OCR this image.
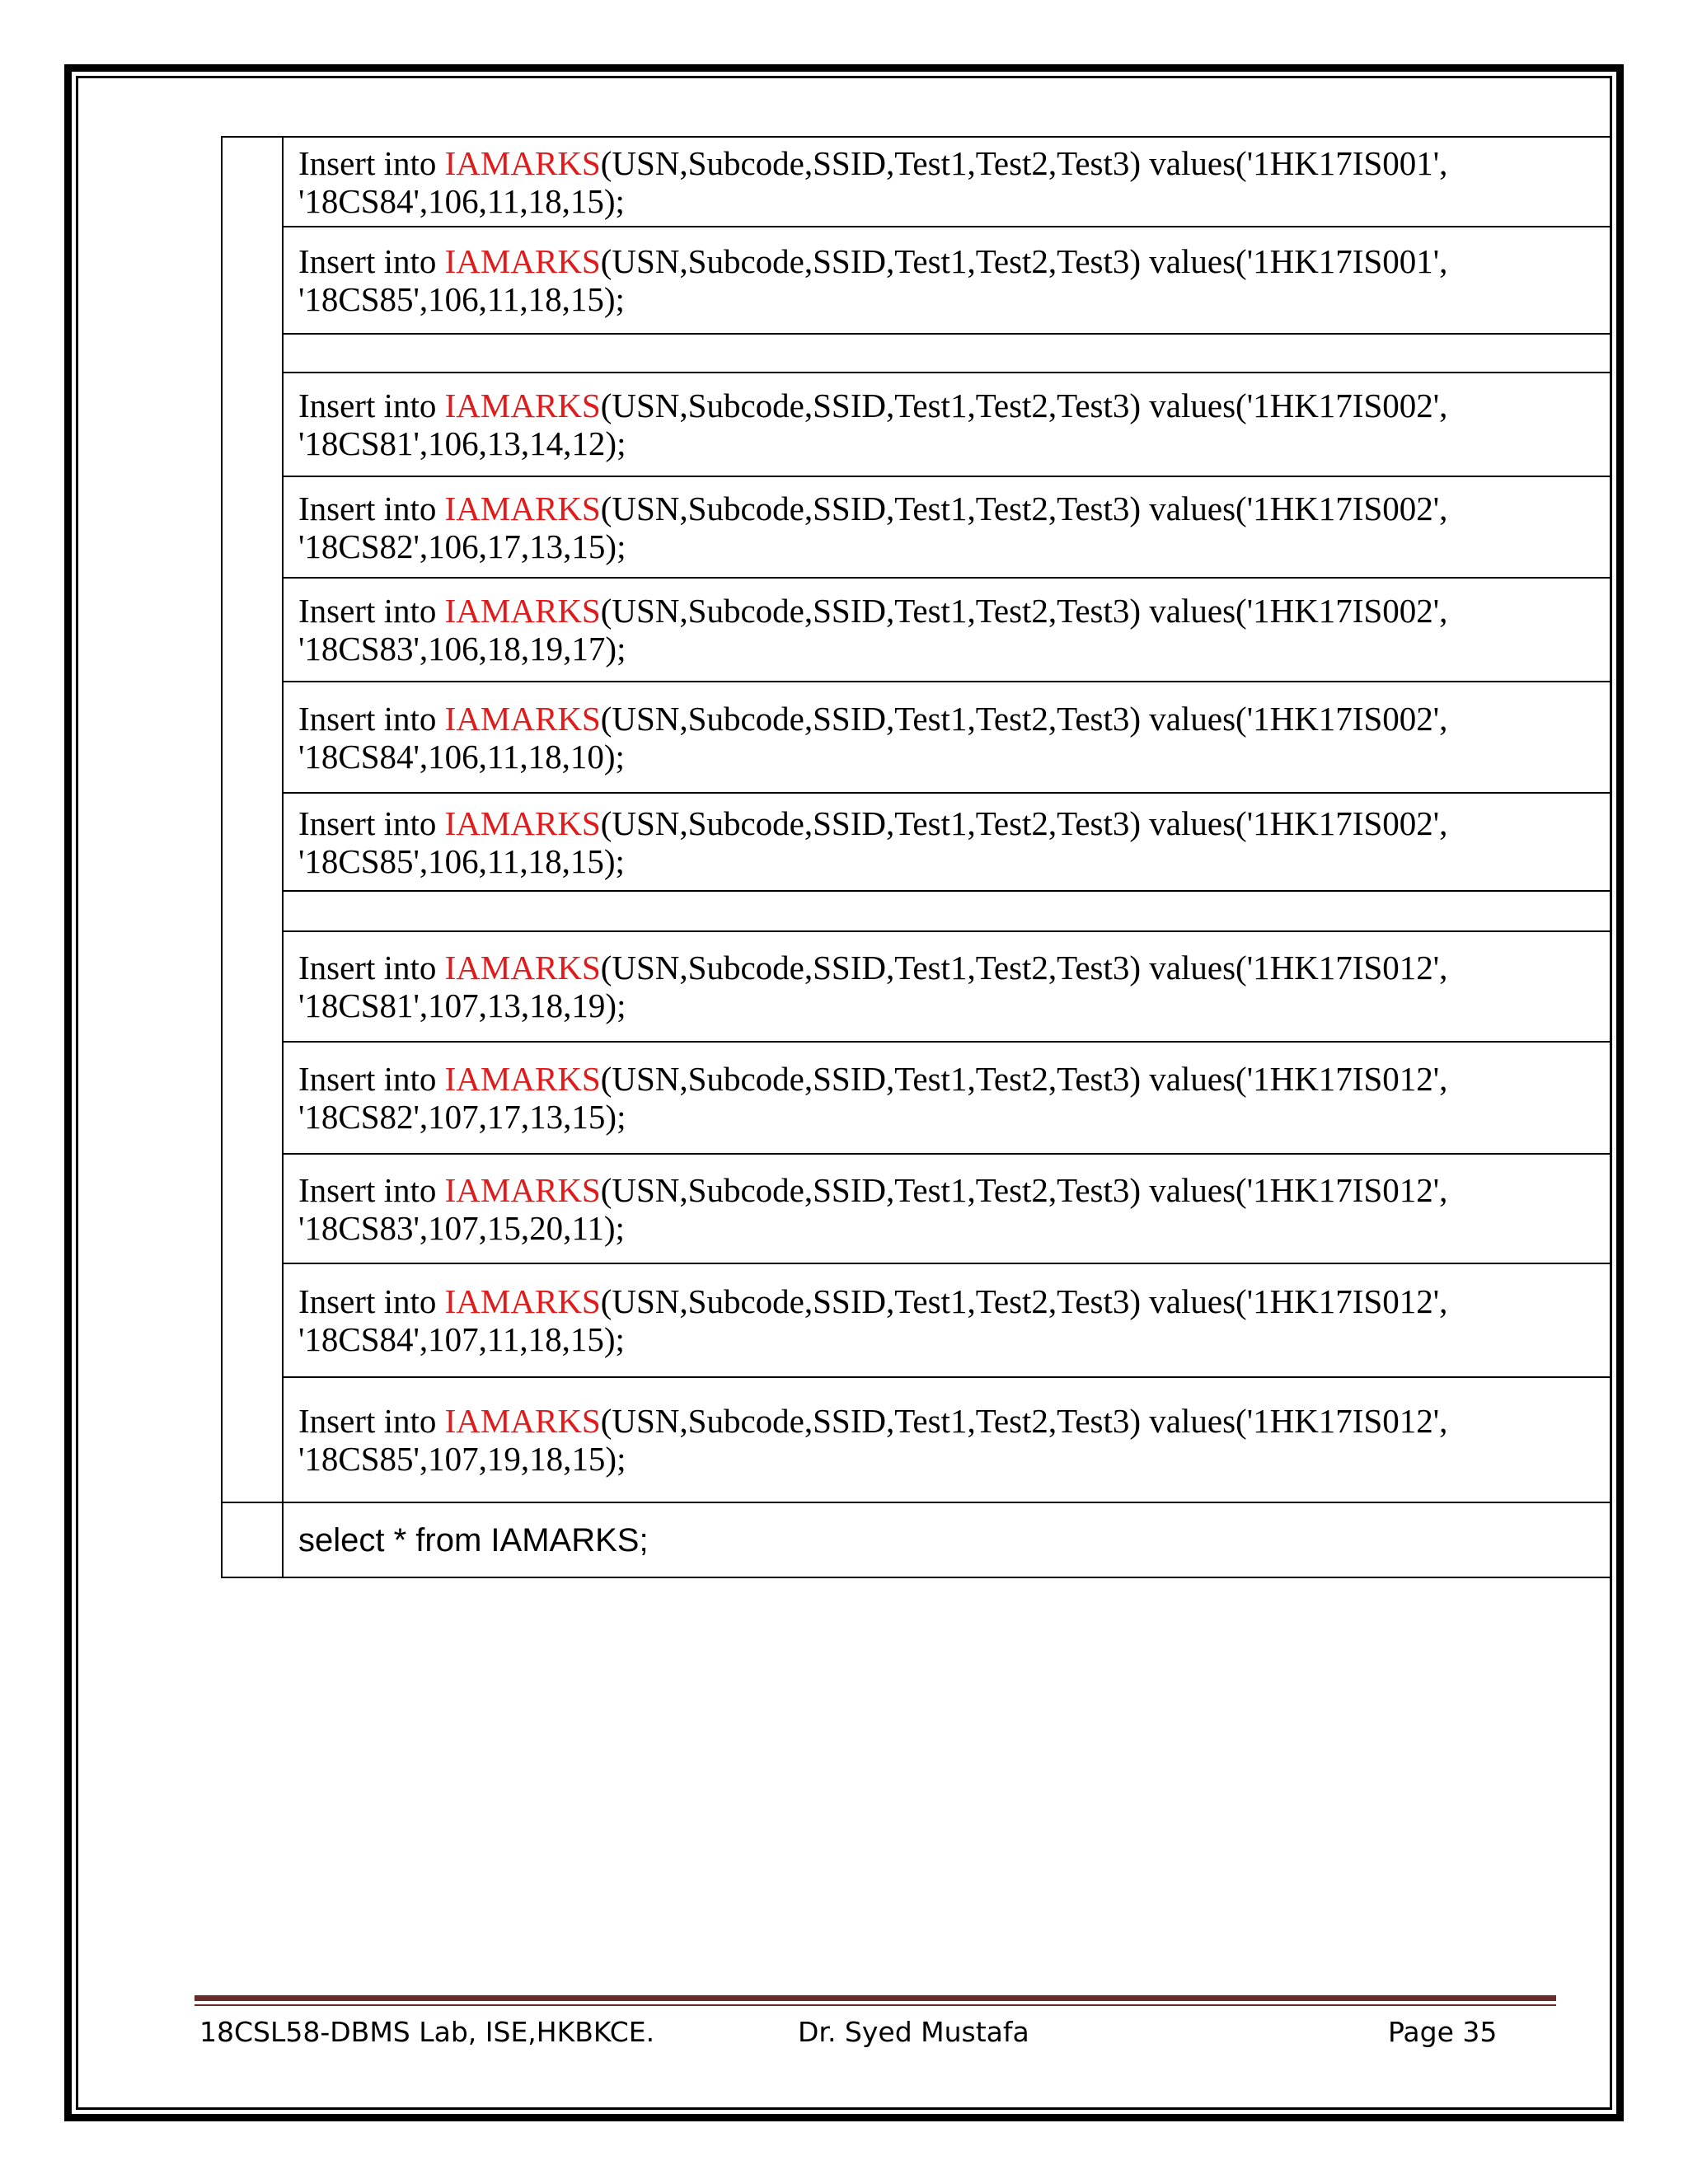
	Insert into IAMARKS(USN,Subcode,SSID,Test1,Test2,Test3) values('1HK17IS001',
'18CS84',106,11,18,15);

	Insert into IAMARKS(USN,Subcode,SSID,Test1,Test2,Test3) values('1HK17IS001',
'18CS85',106,11,18,15);

	Insert into IAMARKS(USN,Subcode,SSID,Test1,Test2,Test3) values('1HK17IS002',
'18CS81',106,13,14,12);

	Insert into IAMARKS(USN,Subcode,SSID,Test1,Test2,Test3) values('1HK17IS002',
'18CS82',106,17,13,15);

	Insert into IAMARKS(USN,Subcode,SSID,Test1,Test2,Test3) values('1HK17IS002',
'18CS83',106,18,19,17);

	Insert into IAMARKS(USN,Subcode,SSID,Test1,Test2,Test3) values('1HK17IS002',
'18CS84',106,11,18,10);

	Insert into IAMARKS(USN,Subcode,SSID,Test1,Test2,Test3) values('1HK17IS002',
'18CS85',106,11,18,15);

	Insert into IAMARKS(USN,Subcode,SSID,Test1,Test2,Test3) values('1HK17IS012',
'18CS81',107,13,18,19);

	Insert into IAMARKS(USN,Subcode,SSID,Test1,Test2,Test3) values('1HK17IS012',
'18CS82',107,17,13,15);

	Insert into IAMARKS(USN,Subcode,SSID,Test1,Test2,Test3) values('1HK17IS012',
'18CS83',107,15,20,11);

	Insert into IAMARKS(USN,Subcode,SSID,Test1,Test2,Test3) values('1HK17IS012',
'18CS84',107,11,18,15);

	Insert into IAMARKS(USN,Subcode,SSID,Test1,Test2,Test3) values('1HK17IS012',
'18CS85',107,19,18,15);

	select * from IAMARKS;
18CSL58-DBMS Lab, ISE,HKBKCE.	Dr. Syed Mustafa	Page 35
